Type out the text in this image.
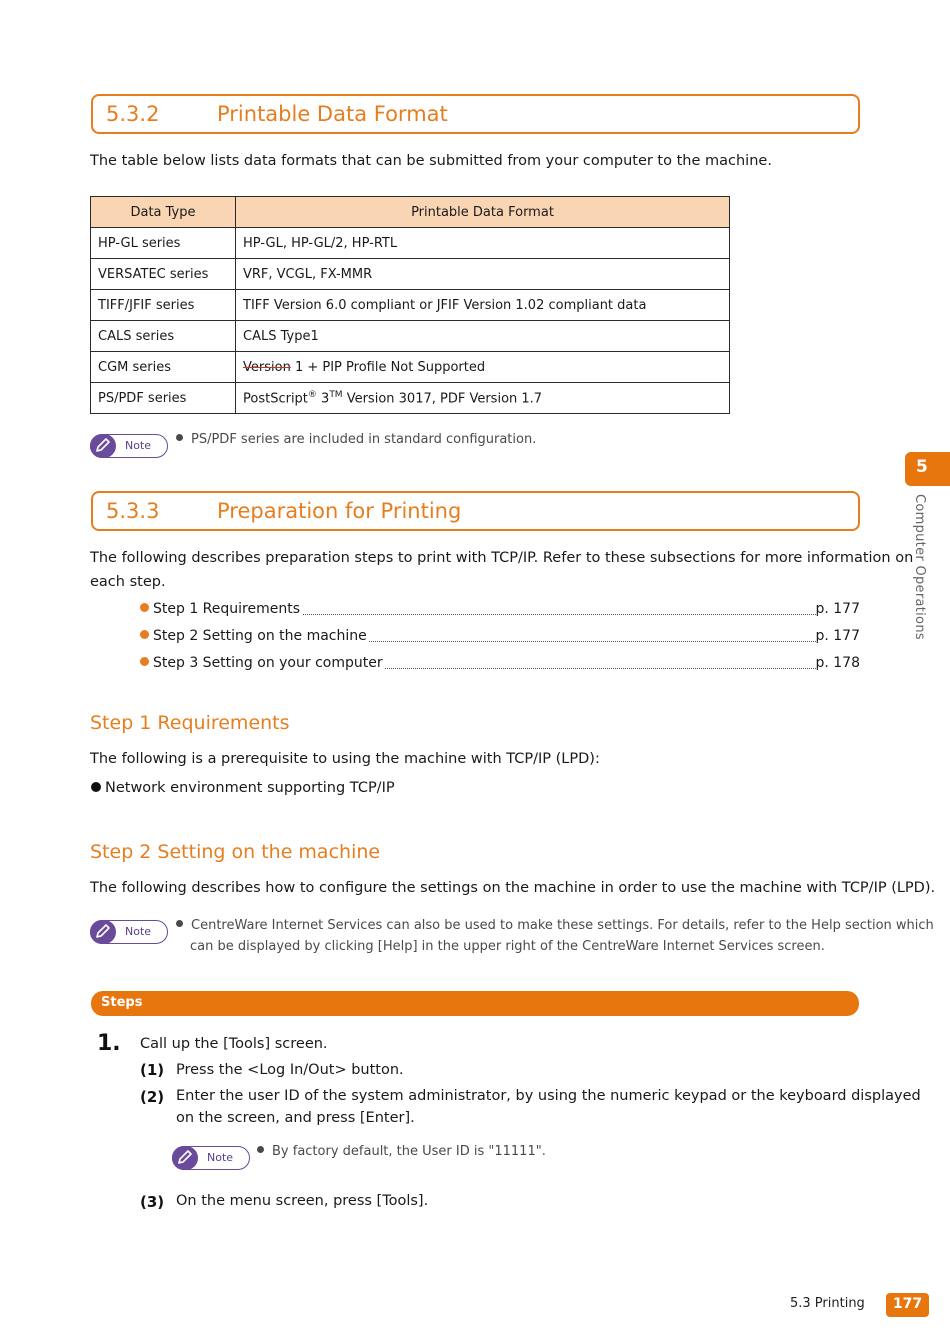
5.3.2	Printable Data Format
The table below lists data formats that can be submitted from your computer to the machine.
Data Type	Printable Data Format
HP-GL series	HP-GL, HP-GL/2, HP-RTL
VERSATEC series	VRF, VCGL, FX-MMR
TIFF/JFIF series	TIFF Version 6.0 compliant or JFIF Version 1.02 compliant data
CALS series	CALS Type1
CGM series	Version 1 + PIP Profile Not Supported
PS/PDF series	PostScript® 3™ Version 3017, PDF Version 1.7
Note	PS/PDF series are included in standard configuration.
5.3.3	Preparation for Printing
The following describes preparation steps to print with TCP/IP. Refer to these subsections for more information on
each step.
Step 1 Requirements	p. 177
Step 2 Setting on the machine	p. 177
Step 3 Setting on your computer	p. 178
Step 1 Requirements
The following is a prerequisite to using the machine with TCP/IP (LPD):
Network environment supporting TCP/IP
Step 2 Setting on the machine
The following describes how to configure the settings on the machine in order to use the machine with TCP/IP (LPD).
Note	CentreWare Internet Services can also be used to make these settings. For details, refer to the Help section which
can be displayed by clicking [Help] in the upper right of the CentreWare Internet Services screen.
Steps
1. Call up the [Tools] screen.
(1) Press the <Log In/Out> button.
(2) Enter the user ID of the system administrator, by using the numeric keypad or the keyboard displayed
on the screen, and press [Enter].
Note	By factory default, the User ID is "11111".
(3) On the menu screen, press [Tools].
5
Computer Operations
5.3 Printing	177
